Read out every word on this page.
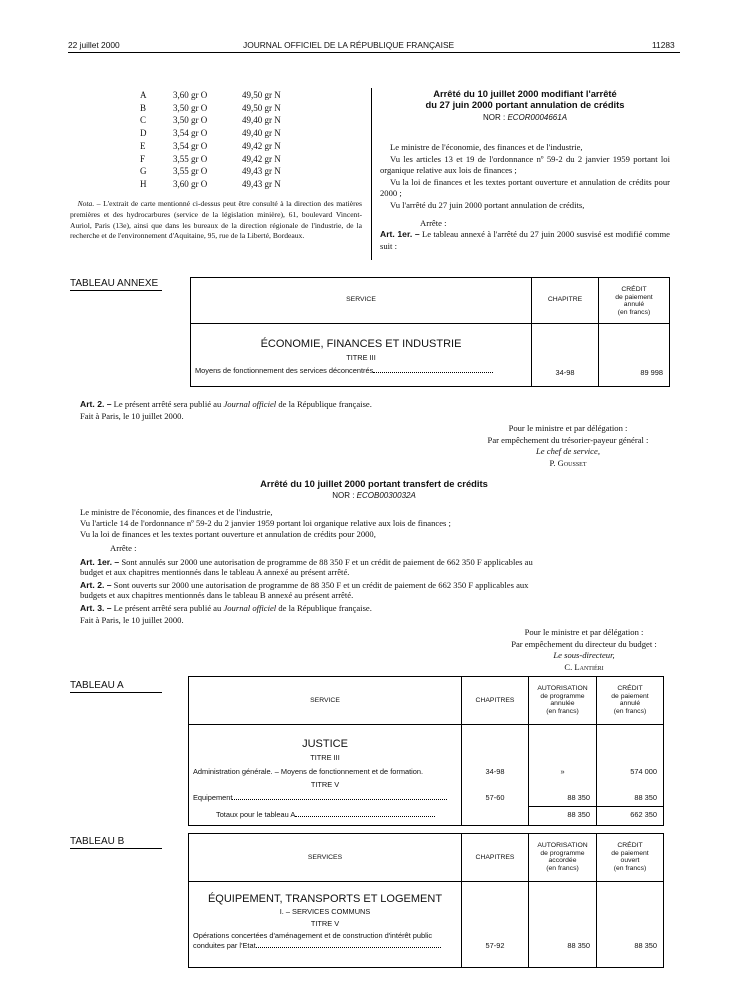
22 juillet 2000	JOURNAL OFFICIEL DE LA RÉPUBLIQUE FRANÇAISE	11283
A	3,60 gr O	49,50 gr N
B	3,50 gr O	49,50 gr N
C	3,50 gr O	49,40 gr N
D	3,54 gr O	49,40 gr N
E	3,54 gr O	49,42 gr N
F	3,55 gr O	49,42 gr N
G	3,55 gr O	49,43 gr N
H	3,60 gr O	49,43 gr N
Nota. – L'extrait de carte mentionné ci-dessus peut être consulté à la direction des matières premières et des hydrocarbures (service de la législation minière), 61, boulevard Vincent-Auriol, Paris (13e), ainsi que dans les bureaux de la direction régionale de l'industrie, de la recherche et de l'environnement d'Aquitaine, 95, rue de la Liberté, Bordeaux.
Arrêté du 10 juillet 2000 modifiant l'arrêté
du 27 juin 2000 portant annulation de crédits
NOR : ECOR0004661A

Le ministre de l'économie, des finances et de l'industrie,

Vu les articles 13 et 19 de l'ordonnance nº 59-2 du 2 janvier 1959 portant loi organique relative aux lois de finances ;

Vu la loi de finances et les textes portant ouverture et annulation de crédits pour 2000 ;

Vu l'arrêté du 27 juin 2000 portant annulation de crédits,

Arrête :

Art. 1er. – Le tableau annexé à l'arrêté du 27 juin 2000 susvisé est modifié comme suit :

TABLEAU ANNEXE
SERVICE	CHAPITRE
CRÉDIT
de paiement
annulé
(en francs)
ÉCONOMIE, FINANCES ET INDUSTRIE
TITRE III
Moyens de fonctionnement des services déconcentrés	34-98	89 998
Art. 2. – Le présent arrêté sera publié au Journal officiel de la République française.
Fait à Paris, le 10 juillet 2000.
Pour le ministre et par délégation :
Par empêchement du trésorier-payeur général :
Le chef de service,
P. Gousset
Arrêté du 10 juillet 2000 portant transfert de crédits
NOR : ECOB0030032A
Le ministre de l'économie, des finances et de l'industrie,
Vu l'article 14 de l'ordonnance nº 59-2 du 2 janvier 1959 portant loi organique relative aux lois de finances ;
Vu la loi de finances et les textes portant ouverture et annulation de crédits pour 2000,
Arrête :
Art. 1er. – Sont annulés sur 2000 une autorisation de programme de 88 350 F et un crédit de paiement de 662 350 F applicables au
budget et aux chapitres mentionnés dans le tableau A annexé au présent arrêté.
Art. 2. – Sont ouverts sur 2000 une autorisation de programme de 88 350 F et un crédit de paiement de 662 350 F applicables aux
budgets et aux chapitres mentionnés dans le tableau B annexé au présent arrêté.
Art. 3. – Le présent arrêté sera publié au Journal officiel de la République française.
Fait à Paris, le 10 juillet 2000.
Pour le ministre et par délégation :
Par empêchement du directeur du budget :
Le sous-directeur,
C. Lantiéri
TABLEAU A
SERVICE	CHAPITRES
AUTORISATION
de programme
annulée
(en francs)
CRÉDIT
de paiement
annulé
(en francs)
JUSTICE
TITRE III
Administration générale. – Moyens de fonctionnement et de formation.	34-98	»	574 000
TITRE V
Equipement	57-60	88 350	88 350
Totaux pour le tableau A	88 350	662 350
TABLEAU B
SERVICES	CHAPITRES
AUTORISATION
de programme
accordée
(en francs)
CRÉDIT
de paiement
ouvert
(en francs)
ÉQUIPEMENT, TRANSPORTS ET LOGEMENT
I. – SERVICES COMMUNS
TITRE V
Opérations concertées d'aménagement et de construction d'intérêt public
conduites par l'Etat	57-92	88 350	88 350
